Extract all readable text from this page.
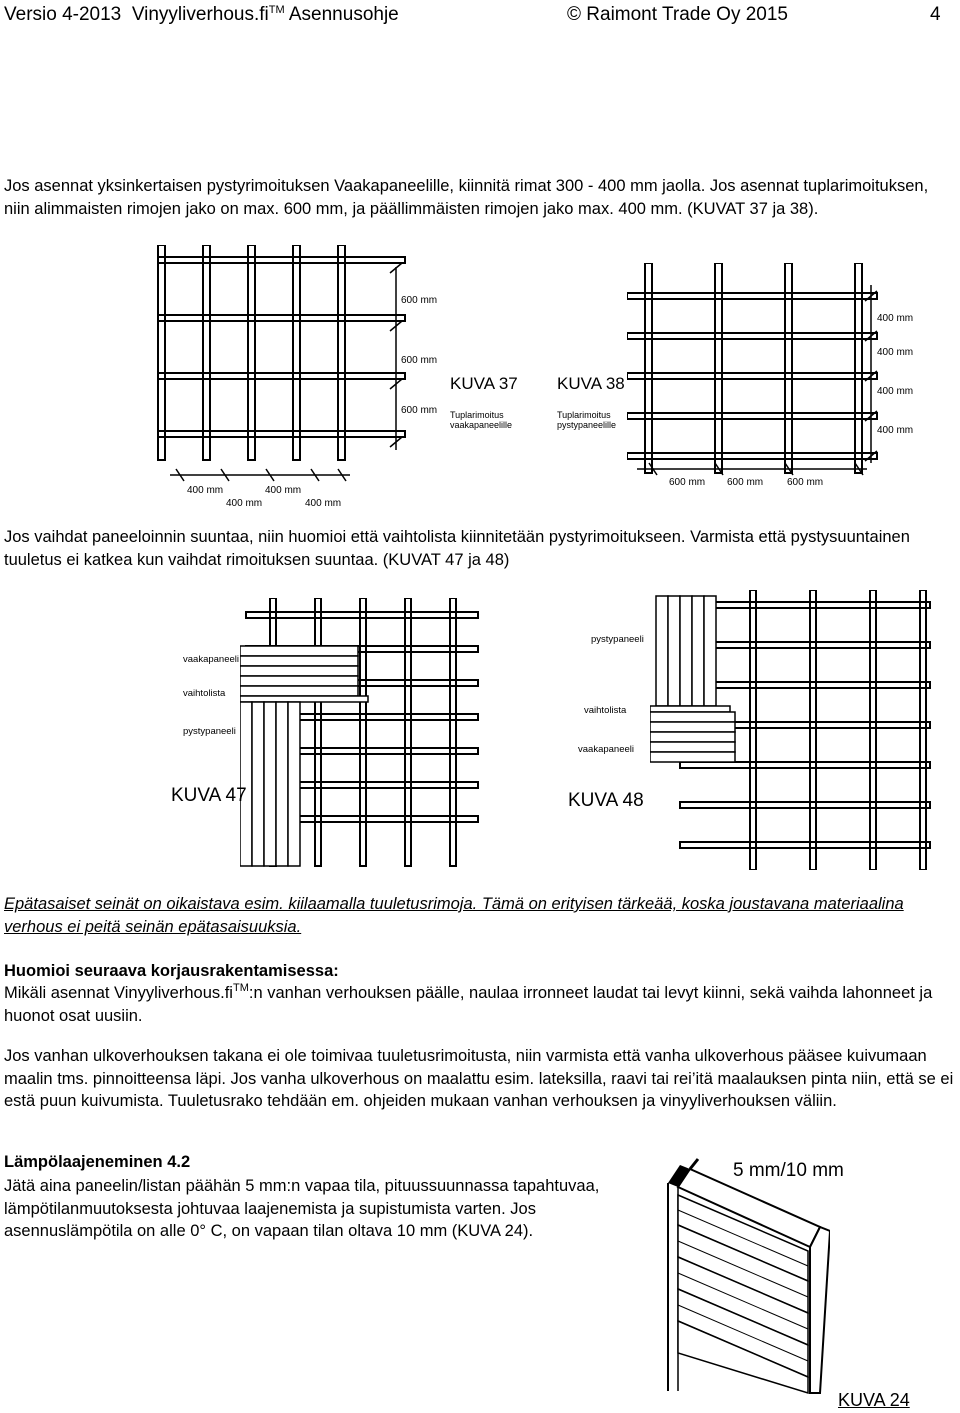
Versio 4-2013 Vinyyliverhous.fi™ Asennusohje	© Raimont Trade Oy 2015	4
Jos asennat yksinkertaisen pystyrimoituksen Vaakapaneelille, kiinnitä rimat 300 - 400 mm jaolla. Jos asennat tuplarimoituksen, niin alimmaisten rimojen jako on max. 600 mm, ja päällimmäisten rimojen jako max. 400 mm. (KUVAT 37 ja 38).
600 mm
600 mm
600 mm
400 mm
400 mm
400 mm
400 mm
KUVA 37
Tuplarimoitus
vaakapaneelille
KUVA 38
Tuplarimoitus
pystypaneelille
400 mm
400 mm
400 mm
400 mm
600 mm 600 mm 600 mm
Jos vaihdat paneeloinnin suuntaa, niin huomioi että vaihtolista kiinnitetään pystyrimoitukseen. Varmista että pystysuuntainen tuuletus ei katkea kun vaihdat rimoituksen suuntaa. (KUVAT 47 ja 48)
vaakapaneeli
vaihtolista
pystypaneeli
KUVA 47
pystypaneeli
vaihtolista
vaakapaneeli
KUVA 48
Epätasaiset seinät on oikaistava esim. kiilaamalla tuuletusrimoja. Tämä on erityisen tärkeää, koska joustavana materiaalina verhous ei peitä seinän epätasaisuuksia.
Huomioi seuraava korjausrakentamisessa:
Mikäli asennat Vinyyliverhous.fi™:n vanhan verhouksen päälle, naulaa irronneet laudat tai levyt kiinni, sekä vaihda lahonneet ja huonot osat uusiin.
Jos vanhan ulkoverhouksen takana ei ole toimivaa tuuletusrimoitusta, niin varmista että vanha ulkoverhous pääsee kuivumaan maalin tms. pinnoitteensa läpi. Jos vanha ulkoverhous on maalattu esim. lateksilla, raavi tai rei’itä maalauksen pinta niin, että se ei estä puun kuivumista. Tuuletusrako tehdään em. ohjeiden mukaan vanhan verhouksen ja vinyyliverhouksen väliin.
Lämpölaajeneminen 4.2
Jätä aina paneelin/listan päähän 5 mm:n vapaa tila, pituussuunnassa tapahtuvaa, lämpötilanmuutoksesta johtuvaa laajenemista ja supistumista varten. Jos asennuslämpötila on alle 0° C, on vapaan tilan oltava 10 mm (KUVA 24).
5 mm/10 mm
KUVA 24
